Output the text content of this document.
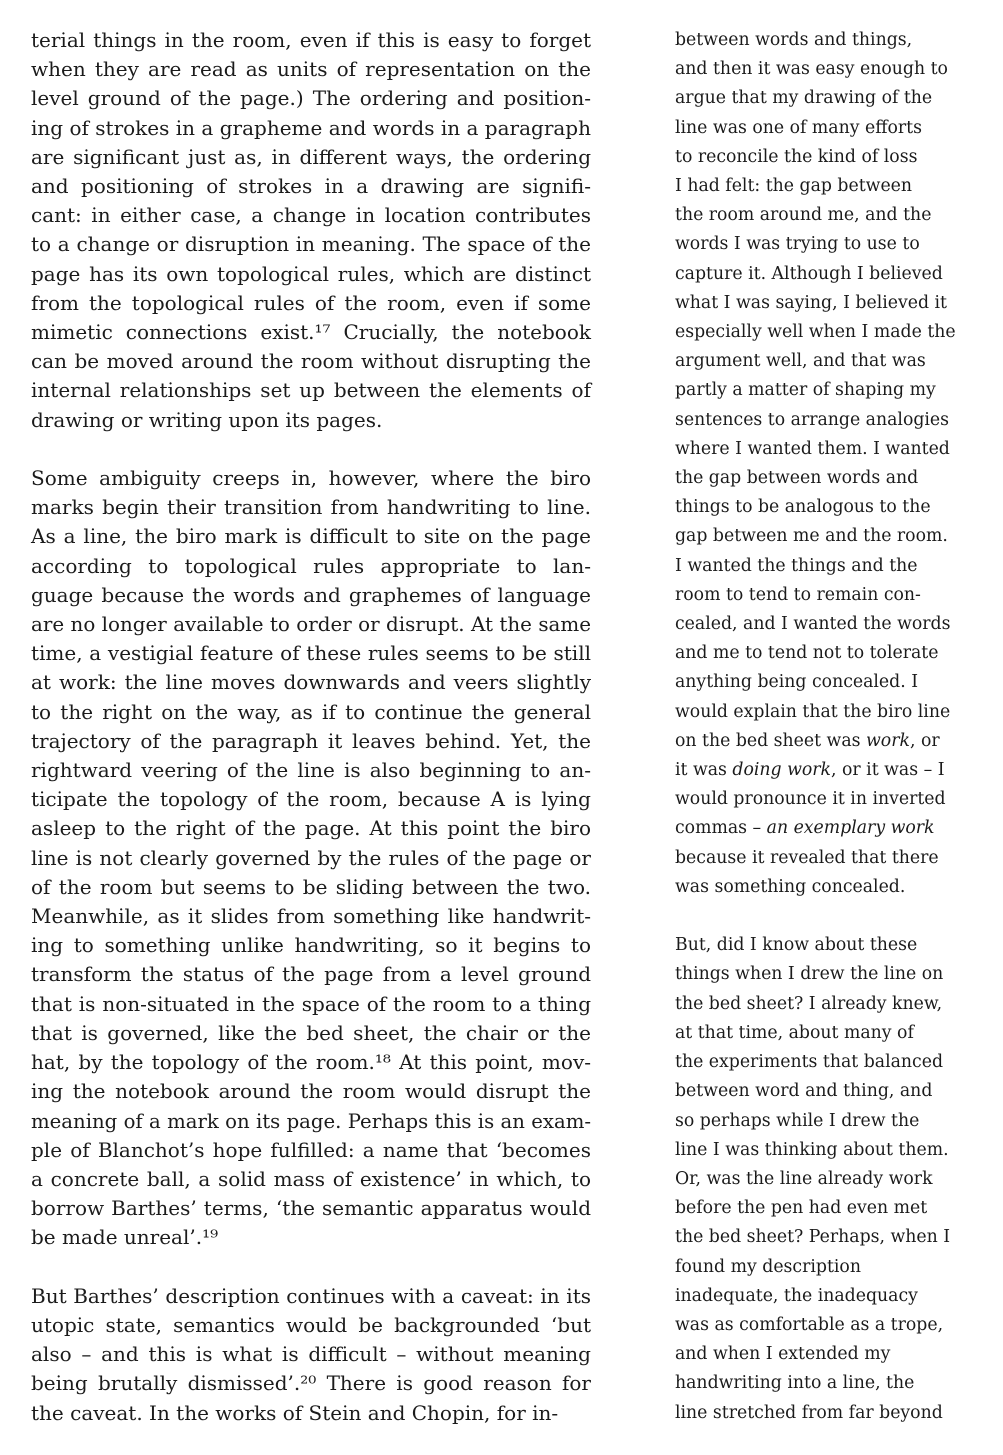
terial things in the room, even if this is easy to forget
when they are read as units of representation on the
level ground of the page.) The ordering and position-
ing of strokes in a grapheme and words in a paragraph
are significant just as, in different ways, the ordering
and positioning of strokes in a drawing are signifi-
cant: in either case, a change in location contributes
to a change or disruption in meaning. The space of the
page has its own topological rules, which are distinct
from the topological rules of the room, even if some
mimetic connections exist.¹⁷ Crucially, the notebook
can be moved around the room without disrupting the
internal relationships set up between the elements of
drawing or writing upon its pages.
Some ambiguity creeps in, however, where the biro
marks begin their transition from handwriting to line.
As a line, the biro mark is difficult to site on the page
according to topological rules appropriate to lan-
guage because the words and graphemes of language
are no longer available to order or disrupt. At the same
time, a vestigial feature of these rules seems to be still
at work: the line moves downwards and veers slightly
to the right on the way, as if to continue the general
trajectory of the paragraph it leaves behind. Yet, the
rightward veering of the line is also beginning to an-
ticipate the topology of the room, because A is lying
asleep to the right of the page. At this point the biro
line is not clearly governed by the rules of the page or
of the room but seems to be sliding between the two.
Meanwhile, as it slides from something like handwrit-
ing to something unlike handwriting, so it begins to
transform the status of the page from a level ground
that is non-situated in the space of the room to a thing
that is governed, like the bed sheet, the chair or the
hat, by the topology of the room.¹⁸ At this point, mov-
ing the notebook around the room would disrupt the
meaning of a mark on its page. Perhaps this is an exam-
ple of Blanchot’s hope fulfilled: a name that ‘becomes
a concrete ball, a solid mass of existence’ in which, to
borrow Barthes’ terms, ‘the semantic apparatus would
be made unreal’.¹⁹
But Barthes’ description continues with a caveat: in its
utopic state, semantics would be backgrounded ‘but
also – and this is what is difficult – without meaning
being brutally dismissed’.²⁰ There is good reason for
the caveat. In the works of Stein and Chopin, for in-
between words and things,
and then it was easy enough to
argue that my drawing of the
line was one of many efforts
to reconcile the kind of loss
I had felt: the gap between
the room around me, and the
words I was trying to use to
capture it. Although I believed
what I was saying, I believed it
especially well when I made the
argument well, and that was
partly a matter of shaping my
sentences to arrange analogies
where I wanted them. I wanted
the gap between words and
things to be analogous to the
gap between me and the room.
I wanted the things and the
room to tend to remain con-
cealed, and I wanted the words
and me to tend not to tolerate
anything being concealed. I
would explain that the biro line
on the bed sheet was work, or
it was doing work, or it was – I
would pronounce it in inverted
commas – an exemplary work
because it revealed that there
was something concealed.
But, did I know about these
things when I drew the line on
the bed sheet? I already knew,
at that time, about many of
the experiments that balanced
between word and thing, and
so perhaps while I drew the
line I was thinking about them.
Or, was the line already work
before the pen had even met
the bed sheet? Perhaps, when I
found my description
inadequate, the inadequacy
was as comfortable as a trope,
and when I extended my
handwriting into a line, the
line stretched from far beyond
